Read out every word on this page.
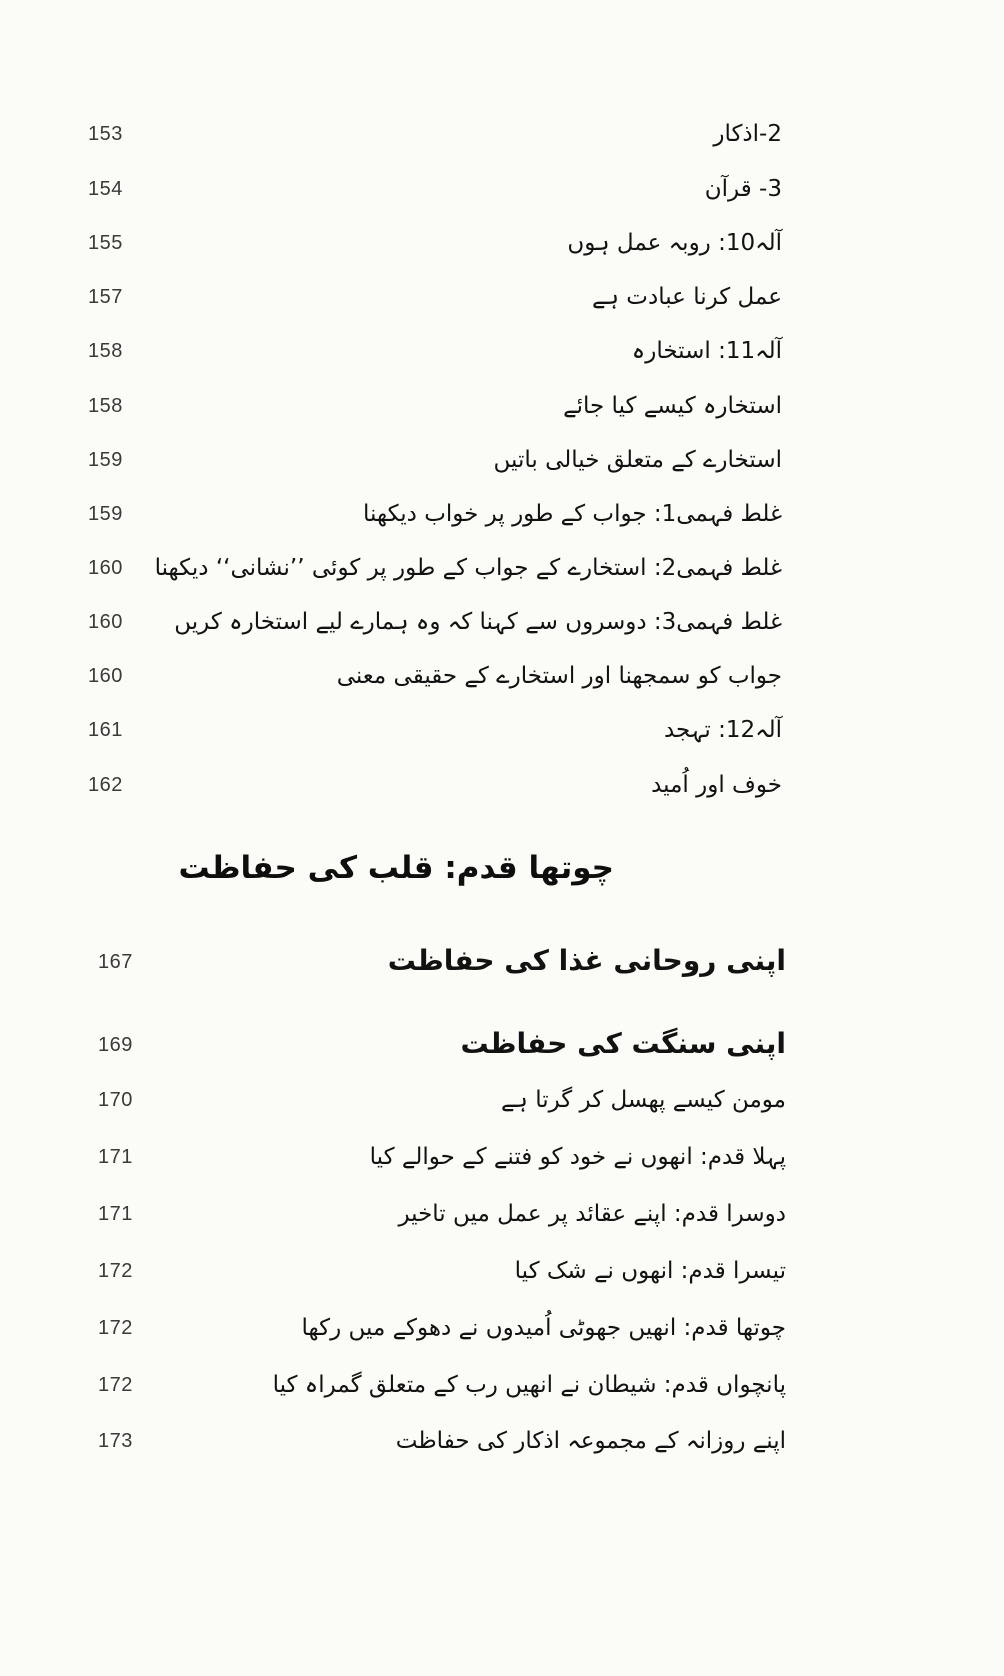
2-اذکار
153
3- قرآن
154
آلہ10: روبہ عمل ہوں
155
عمل کرنا عبادت ہے
157
آلہ11: استخارہ
158
استخارہ کیسے کیا جائے
158
استخارے کے متعلق خیالی باتیں
159
غلط فہمی1: جواب کے طور پر خواب دیکھنا
159
غلط فہمی2: استخارے کے جواب کے طور پر کوئی ’’نشانی‘‘ دیکھنا
160
غلط فہمی3: دوسروں سے کہنا کہ وہ ہمارے لیے استخارہ کریں
160
جواب کو سمجھنا اور استخارے کے حقیقی معنی
160
آلہ12: تہجد
161
خوف اور اُمید
162
چوتھا قدم: قلب کی حفاظت
اپنی روحانی غذا کی حفاظت
167
اپنی سنگت کی حفاظت
169
مومن کیسے پھسل کر گرتا ہے
170
پہلا قدم: انھوں نے خود کو فتنے کے حوالے کیا
171
دوسرا قدم: اپنے عقائد پر عمل میں تاخیر
171
تیسرا قدم: انھوں نے شک کیا
172
چوتھا قدم: انھیں جھوٹی اُمیدوں نے دھوکے میں رکھا
172
پانچواں قدم: شیطان نے انھیں رب کے متعلق گمراہ کیا
172
اپنے روزانہ کے مجموعہ اذکار کی حفاظت
173
